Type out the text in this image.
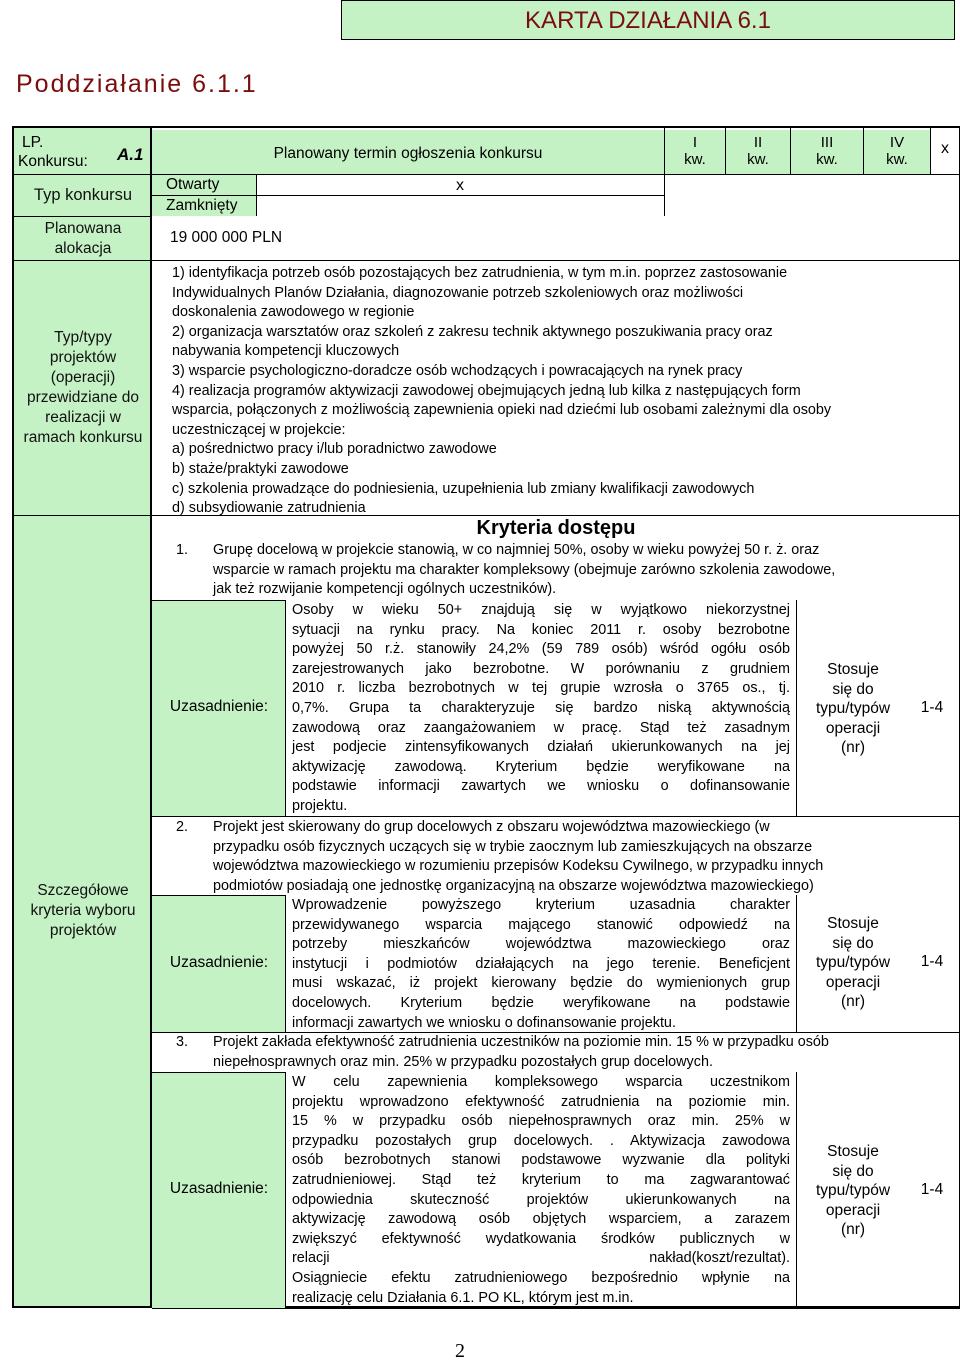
KARTA DZIAŁANIA 6.1
Poddziałanie 6.1.1
LP.
Konkursu: A.1
Typ konkursu
Planowana
alokacja
Typ/typy
projektów
(operacji)
przewidziane do
realizacji w
ramach konkursu
Szczegółowe
kryteria wyboru
projektów
Planowany termin ogłoszenia konkursu
I
kw.
II
kw.
III
kw.
IV
kw.
x
Otwarty
Zamknięty
x
19 000 000 PLN
1) identyfikacja potrzeb osób pozostających bez zatrudnienia, w tym m.in. poprzez zastosowanie
Indywidualnych Planów Działania, diagnozowanie potrzeb szkoleniowych oraz możliwości
doskonalenia zawodowego w regionie
2) organizacja warsztatów oraz szkoleń z zakresu technik aktywnego poszukiwania pracy oraz
nabywania kompetencji kluczowych
3) wsparcie psychologiczno-doradcze osób wchodzących i powracających na rynek pracy
4) realizacja programów aktywizacji zawodowej obejmujących jedną lub kilka z następujących form
wsparcia, połączonych z możliwością zapewnienia opieki nad dziećmi lub osobami zależnymi dla osoby
uczestniczącej w projekcie:
a) pośrednictwo pracy i/lub poradnictwo zawodowe
b) staże/praktyki zawodowe
c) szkolenia prowadzące do podniesienia, uzupełnienia lub zmiany kwalifikacji zawodowych
d) subsydiowanie zatrudnienia
Kryteria dostępu
1. Grupę docelową w projekcie stanowią, w co najmniej 50%, osoby w wieku powyżej 50 r. ż. oraz
wsparcie w ramach projektu ma charakter kompleksowy (obejmuje zarówno szkolenia zawodowe,
jak też rozwijanie kompetencji ogólnych uczestników).
Uzasadnienie:
Osoby w wieku 50+ znajdują się w wyjątkowo niekorzystnej
sytuacji na rynku pracy. Na koniec 2011 r. osoby bezrobotne
powyżej 50 r.ż. stanowiły 24,2% (59 789 osób) wśród ogółu osób
zarejestrowanych jako bezrobotne. W porównaniu z grudniem
2010 r. liczba bezrobotnych w tej grupie wzrosła o 3765 os., tj.
0,7%. Grupa ta charakteryzuje się bardzo niską aktywnością
zawodową oraz zaangażowaniem w pracę. Stąd też zasadnym
jest podjecie zintensyfikowanych działań ukierunkowanych na jej
aktywizację zawodową. Kryterium będzie weryfikowane na
podstawie informacji zawartych we wniosku o dofinansowanie
projektu.
Stosuje
się do
typu/typów
operacji
(nr)
1-4
2. Projekt jest skierowany do grup docelowych z obszaru województwa mazowieckiego (w
przypadku osób fizycznych uczących się w trybie zaocznym lub zamieszkujących na obszarze
województwa mazowieckiego w rozumieniu przepisów Kodeksu Cywilnego, w przypadku innych
podmiotów posiadają one jednostkę organizacyjną na obszarze województwa mazowieckiego)
Uzasadnienie:
Wprowadzenie powyższego kryterium uzasadnia charakter
przewidywanego wsparcia mającego stanowić odpowiedź na
potrzeby mieszkańców województwa mazowieckiego oraz
instytucji i podmiotów działających na jego terenie. Beneficjent
musi wskazać, iż projekt kierowany będzie do wymienionych grup
docelowych. Kryterium będzie weryfikowane na podstawie
informacji zawartych we wniosku o dofinansowanie projektu.
Stosuje
się do
typu/typów
operacji
(nr)
1-4
3. Projekt zakłada efektywność zatrudnienia uczestników na poziomie min. 15 % w przypadku osób
niepełnosprawnych oraz min. 25% w przypadku pozostałych grup docelowych.
Uzasadnienie:
W celu zapewnienia kompleksowego wsparcia uczestnikom
projektu wprowadzono efektywność zatrudnienia na poziomie min.
15 % w przypadku osób niepełnosprawnych oraz min. 25% w
przypadku pozostałych grup docelowych. . Aktywizacja zawodowa
osób bezrobotnych stanowi podstawowe wyzwanie dla polityki
zatrudnieniowej. Stąd też kryterium to ma zagwarantować
odpowiednia skuteczność projektów ukierunkowanych na
aktywizację zawodową osób objętych wsparciem, a zarazem
zwiększyć efektywność wydatkowania środków publicznych w
relacji nakład(koszt/rezultat).
Osiągniecie efektu zatrudnieniowego bezpośrednio wpłynie na
realizację celu Działania 6.1. PO KL, którym jest m.in.
Stosuje
się do
typu/typów
operacji
(nr)
1-4
2
